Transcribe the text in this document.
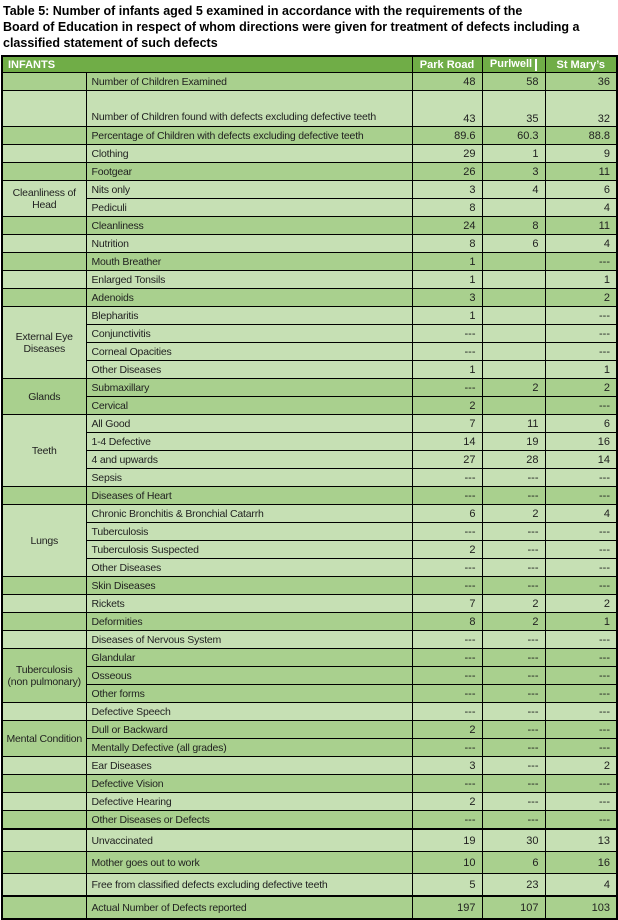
Table 5: Number of infants aged 5 examined in accordance with the requirements of the
Board of Education in respect of whom directions were given for treatment of defects including a
classified statement of such defects
INFANTS		Park Road	Purlwell	St Mary’s
	Number of Children Examined	48	58	36
	Number of Children found with defects excluding defective teeth	43	35	32
	Percentage of Children with defects excluding defective teeth	89.6	60.3	88.8
	Clothing	29	1	9
	Footgear	26	3	11
Cleanliness of Head	Nits only	3	4	6
	Pediculi	8		4
	Cleanliness	24	8	11
	Nutrition	8	6	4
	Mouth Breather	1		---
	Enlarged Tonsils	1		1
	Adenoids	3		2
External Eye Diseases	Blepharitis	1		---
	Conjunctivitis	---		---
	Corneal Opacities	---		---
	Other Diseases	1		1
Glands	Submaxillary	---	2	2
	Cervical	2		---
Teeth	All Good	7	11	6
	1-4 Defective	14	19	16
	4 and upwards	27	28	14
	Sepsis	---	---	---
	Diseases of Heart	---	---	---
Lungs	Chronic Bronchitis & Bronchial Catarrh	6	2	4
	Tuberculosis	---	---	---
	Tuberculosis Suspected	2	---	---
	Other Diseases	---	---	---
	Skin Diseases	---	---	---
	Rickets	7	2	2
	Deformities	8	2	1
	Diseases of Nervous System	---	---	---
Tuberculosis (non pulmonary)	Glandular	---	---	---
	Osseous	---	---	---
	Other forms	---	---	---
	Defective Speech	---	---	---
Mental Condition	Dull or Backward	2	---	---
	Mentally Defective (all grades)	---	---	---
	Ear Diseases	3	---	2
	Defective Vision	---	---	---
	Defective Hearing	2	---	---
	Other Diseases or Defects	---	---	---
	Unvaccinated	19	30	13
	Mother goes out to work	10	6	16
	Free from classified defects excluding defective teeth	5	23	4
	Actual Number of Defects reported	197	107	103
